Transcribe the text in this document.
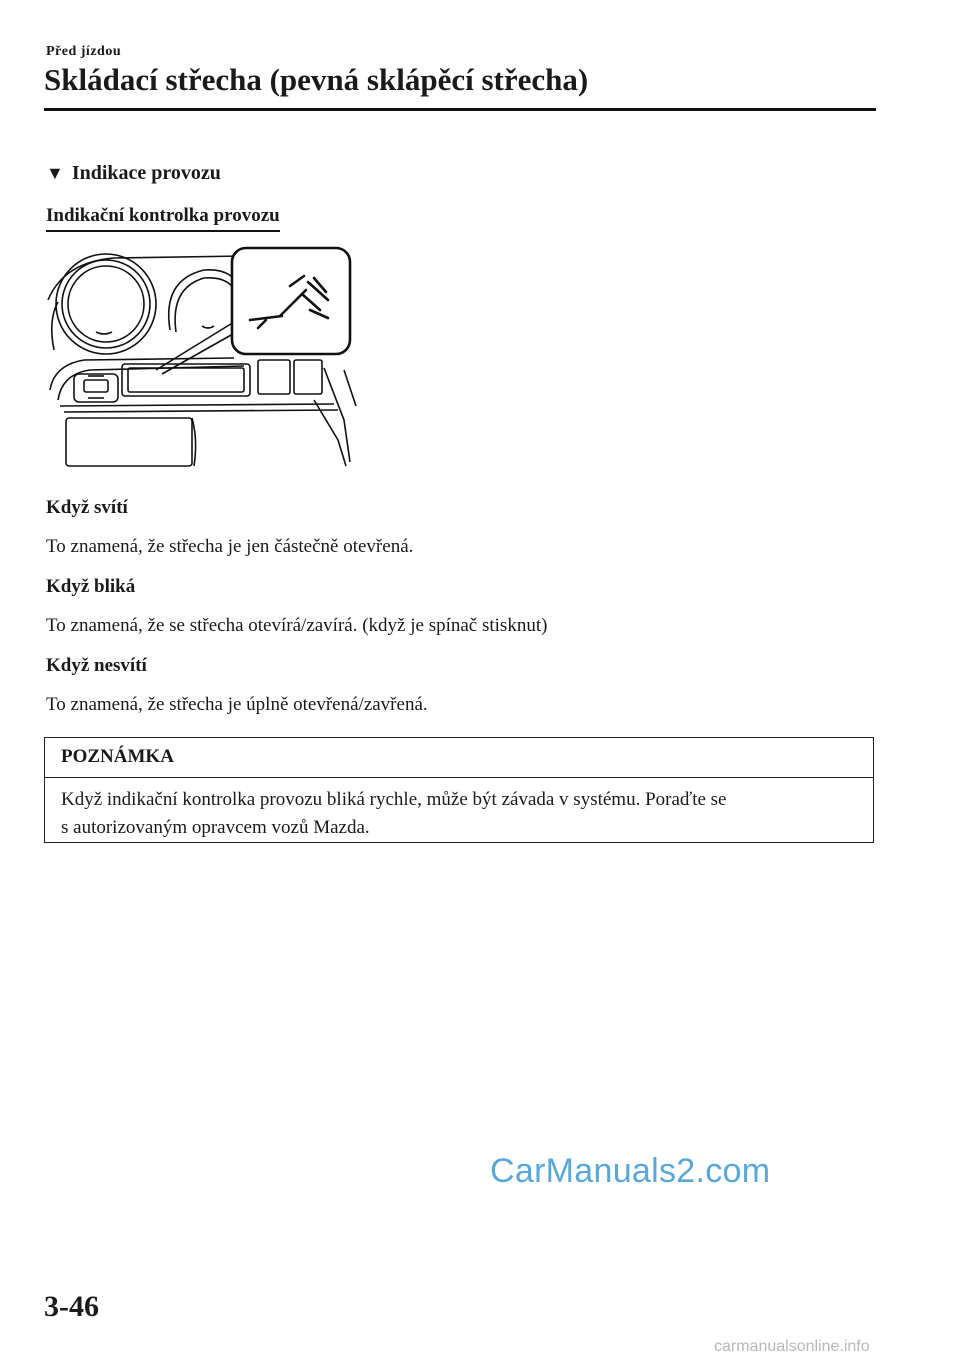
Před jízdou
Skládací střecha (pevná sklápěcí střecha)
▼ Indikace provozu
Indikační kontrolka provozu
Když svítí
To znamená, že střecha je jen částečně otevřená.
Když bliká
To znamená, že se střecha otevírá/zavírá. (když je spínač stisknut)
Když nesvítí
To znamená, že střecha je úplně otevřená/zavřená.
POZNÁMKA
Když indikační kontrolka provozu bliká rychle, může být závada v systému. Poraďte se
s autorizovaným opravcem vozů Mazda.
CarManuals2.com
3-46
carmanualsonline.info
